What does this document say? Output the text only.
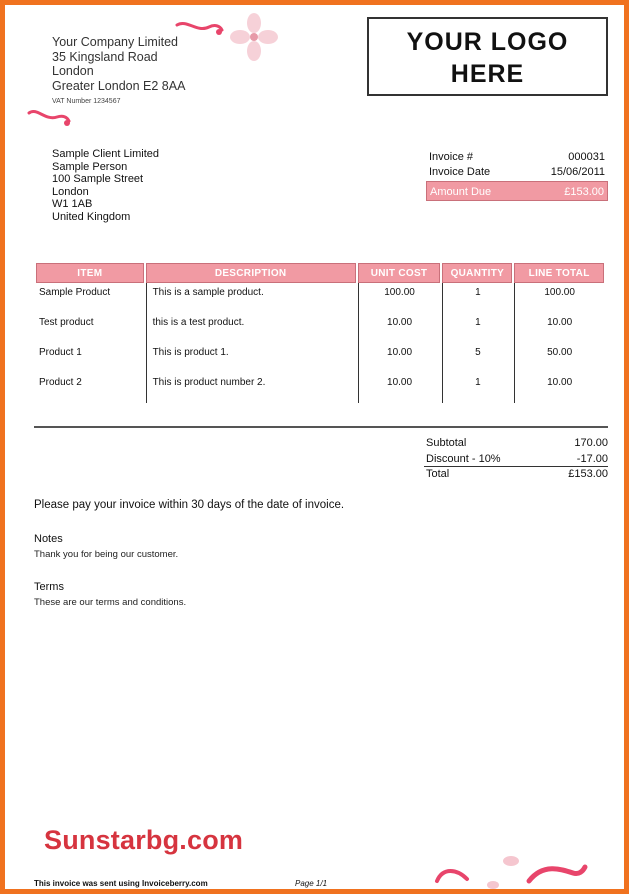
Your Company Limited
35 Kingsland Road
London
Greater London E2 8AA
VAT Number 1234567
YOUR LOGO
HERE
Sample Client Limited
Sample Person
100 Sample Street
London
W1 1AB
United Kingdom
Invoice #	000031
Invoice Date	15/06/2011
Amount Due	£153.00
ITEM	DESCRIPTION	UNIT COST	QUANTITY	LINE TOTAL
Sample Product	This is a sample product.	100.00	1	100.00
Test product	this is a test product.	10.00	1	10.00
Product 1	This is product 1.	10.00	5	50.00
Product 2	This is product number 2.	10.00	1	10.00
Subtotal	170.00
Discount - 10%	-17.00
Total	£153.00
Please pay your invoice within 30 days of the date of invoice.
Notes
Thank you for being our customer.
Terms
These are our terms and conditions.
Sunstarbg.com
This invoice was sent using Invoiceberry.com	Page 1/1
